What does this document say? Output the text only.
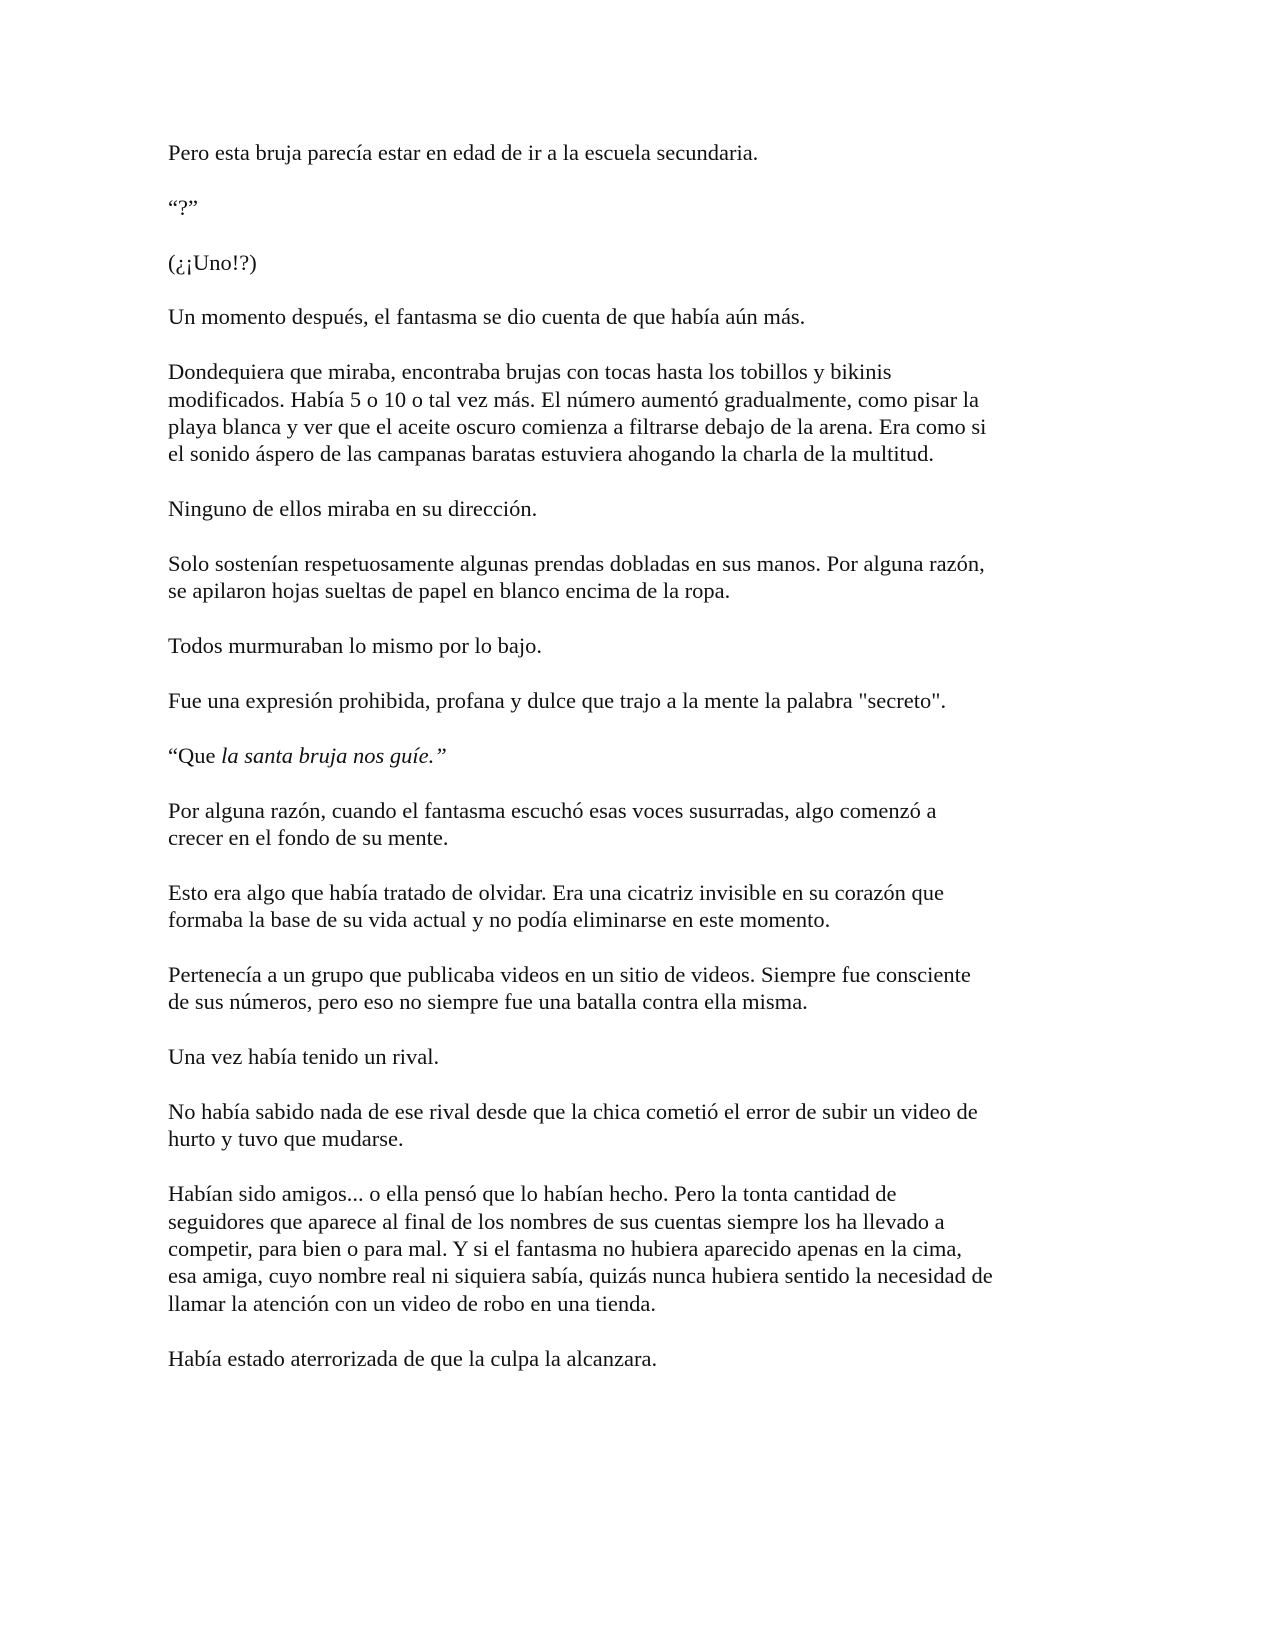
Pero esta bruja parecía estar en edad de ir a la escuela secundaria.

“?”

(¿¡Uno!?)

Un momento después, el fantasma se dio cuenta de que había aún más.

Dondequiera que miraba, encontraba brujas con tocas hasta los tobillos y bikinis
modificados. Había 5 o 10 o tal vez más. El número aumentó gradualmente, como pisar la
playa blanca y ver que el aceite oscuro comienza a filtrarse debajo de la arena. Era como si
el sonido áspero de las campanas baratas estuviera ahogando la charla de la multitud.

Ninguno de ellos miraba en su dirección.

Solo sostenían respetuosamente algunas prendas dobladas en sus manos. Por alguna razón,
se apilaron hojas sueltas de papel en blanco encima de la ropa.

Todos murmuraban lo mismo por lo bajo.

Fue una expresión prohibida, profana y dulce que trajo a la mente la palabra "secreto".

“Que la santa bruja nos guíe.”

Por alguna razón, cuando el fantasma escuchó esas voces susurradas, algo comenzó a
crecer en el fondo de su mente.

Esto era algo que había tratado de olvidar. Era una cicatriz invisible en su corazón que
formaba la base de su vida actual y no podía eliminarse en este momento.

Pertenecía a un grupo que publicaba videos en un sitio de videos. Siempre fue consciente
de sus números, pero eso no siempre fue una batalla contra ella misma.

Una vez había tenido un rival.

No había sabido nada de ese rival desde que la chica cometió el error de subir un video de
hurto y tuvo que mudarse.

Habían sido amigos... o ella pensó que lo habían hecho. Pero la tonta cantidad de
seguidores que aparece al final de los nombres de sus cuentas siempre los ha llevado a
competir, para bien o para mal. Y si el fantasma no hubiera aparecido apenas en la cima,
esa amiga, cuyo nombre real ni siquiera sabía, quizás nunca hubiera sentido la necesidad de
llamar la atención con un video de robo en una tienda.

Había estado aterrorizada de que la culpa la alcanzara.
